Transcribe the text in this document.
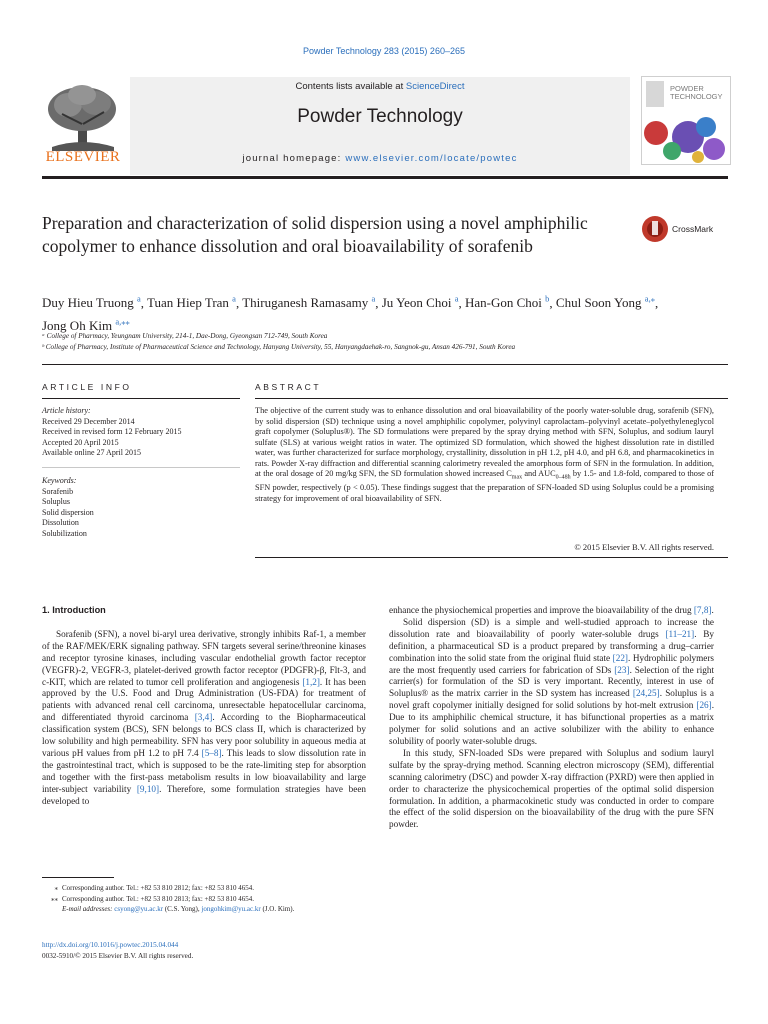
Powder Technology 283 (2015) 260–265
Contents lists available at ScienceDirect
Powder Technology
journal homepage: www.elsevier.com/locate/powtec
ELSEVIER
POWDER
TECHNOLOGY
Preparation and characterization of solid dispersion using a novel amphiphilic copolymer to enhance dissolution and oral bioavailability of sorafenib
CrossMark
Duy Hieu Truong $^a$, Tuan Hiep Tran $^a$, Thiruganesh Ramasamy $^a$, Ju Yeon Choi $^a$, Han-Gon Choi $^b$, Chul Soon Yong $^{a,⁎}$, Jong Oh Kim $^{a,⁎⁎}$
ᵃ College of Pharmacy, Yeungnam University, 214-1, Dae-Dong, Gyeongsan 712-749, South Korea
ᵇ College of Pharmacy, Institute of Pharmaceutical Science and Technology, Hanyang University, 55, Hanyangdaehak-ro, Sangnok-gu, Ansan 426-791, South Korea
ARTICLE INFO	ABSTRACT
Article history:
Received 29 December 2014
Received in revised form 12 February 2015
Accepted 20 April 2015
Available online 27 April 2015
Keywords:
Sorafenib
Soluplus
Solid dispersion
Dissolution
Solubilization
The objective of the current study was to enhance dissolution and oral bioavailability of the poorly water-soluble drug, sorafenib (SFN), by solid dispersion (SD) technique using a novel amphiphilic copolymer, polyvinyl caprolactam–polyvinyl acetate–polyethyleneglycol graft copolymer (Soluplus®). The SD formulations were prepared by the spray drying method with SFN, Soluplus, and sodium lauryl sulfate (SLS) at various weight ratios in water. The optimized SD formulation, which showed the highest dissolution rate in distilled water, was further characterized for surface morphology, crystallinity, dissolution in pH 1.2, pH 4.0, and pH 6.8, and pharmacokinetics in rats. Powder X-ray diffraction and differential scanning calorimetry revealed the amorphous form of SFN in the formulation. In addition, at the oral dosage of 20 mg/kg SFN, the SD formulation showed increased $C_{max}$ and $AUC_{0-48h}$ by 1.5- and 1.8-fold, compared to those of SFN powder, respectively (p < 0.05). These findings suggest that the preparation of SFN-loaded SD using Soluplus could be a promising strategy for improvement of oral bioavailability of SFN.
© 2015 Elsevier B.V. All rights reserved.
1. Introduction

Sorafenib (SFN), a novel bi-aryl urea derivative, strongly inhibits Raf-1, a member of the RAF/MEK/ERK signaling pathway. SFN targets several serine/threonine kinases and receptor tyrosine kinases, including vascular endothelial growth factor receptor (VEGFR)-2, VEGFR-3, platelet-derived growth factor receptor (PDGFR)-β, Flt-3, and c-KIT, which are related to tumor cell proliferation and angiogenesis [1,2]. It has been approved by the U.S. Food and Drug Administration (US-FDA) for treatment of patients with advanced renal cell carcinoma, unresectable hepatocellular carcinoma, and differentiated thyroid carcinoma [3,4]. According to the Biopharmaceutical classification system (BCS), SFN belongs to BCS class II, which is characterized by low solubility and high permeability. SFN has very poor solubility in aqueous media at various pH values from pH 1.2 to pH 7.4 [5–8]. This leads to slow dissolution rate in the gastrointestinal tract, which is supposed to be the rate-limiting step for absorption and together with the first-pass metabolism results in low bioavailability and large inter-subject variability [9,10]. Therefore, some formulation strategies have been developed to

enhance the physiochemical properties and improve the bioavailability of the drug [7,8].

Solid dispersion (SD) is a simple and well-studied approach to increase the dissolution rate and bioavailability of poorly water-soluble drugs [11–21]. By definition, a pharmaceutical SD is a product prepared by transforming a drug–carrier combination into the solid state from the original fluid state [22]. Hydrophilic polymers are the most frequently used carriers for fabrication of SDs [23]. Selection of the right carrier(s) for formulation of the SD is very important. Recently, interest in use of Soluplus® as the matrix carrier in the SD system has increased [24,25]. Soluplus is a novel graft copolymer initially designed for solid solutions by hot-melt extrusion [26]. Due to its amphiphilic chemical structure, it has bifunctional properties as a matrix polymer for solid solutions and an active solubilizer with the ability to enhance solubility of poorly water-soluble drugs.

In this study, SFN-loaded SDs were prepared with Soluplus and sodium lauryl sulfate by the spray-drying method. Scanning electron microscopy (SEM), differential scanning calorimetry (DSC) and powder X-ray diffraction (PXRD) were then applied in order to characterize the physicochemical properties of the optimal solid dispersion formulation. In addition, a pharmacokinetic study was conducted in order to compare the effect of the solid dispersion on the bioavailability of the drug with the pure SFN powder.

⁎ Corresponding author. Tel.: +82 53 810 2812; fax: +82 53 810 4654.
⁎⁎ Corresponding author. Tel.: +82 53 810 2813; fax: +82 53 810 4654.
E-mail addresses: csyong@yu.ac.kr (C.S. Yong), jongohkim@yu.ac.kr (J.O. Kim).
http://dx.doi.org/10.1016/j.powtec.2015.04.044
0032-5910/© 2015 Elsevier B.V. All rights reserved.
